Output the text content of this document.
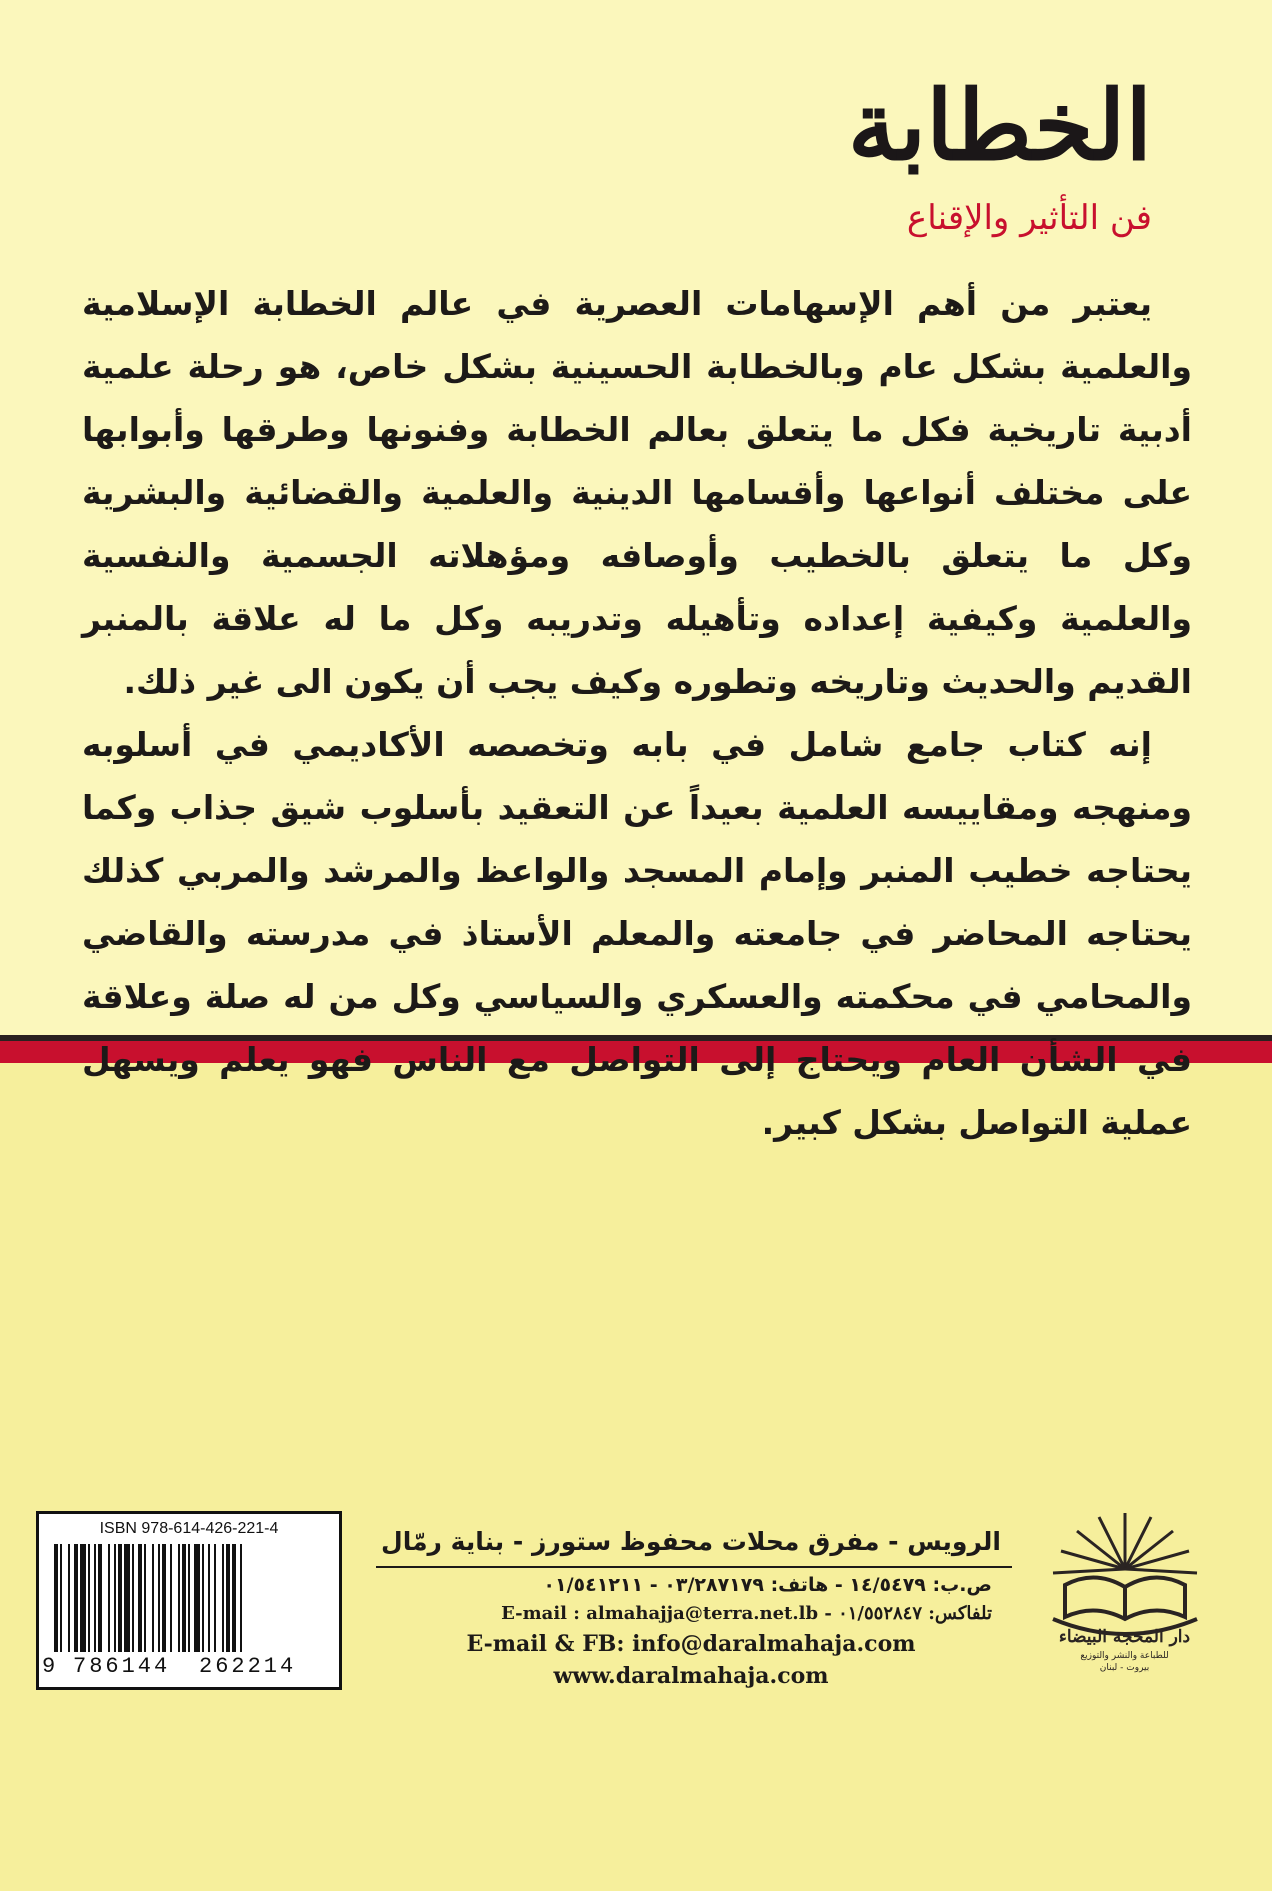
الخطابة
فن التأثير والإقناع

يعتبر من أهم الإسهامات العصرية في عالم الخطابة الإسلامية والعلمية بشكل عام وبالخطابة الحسينية بشكل خاص، هو رحلة علمية أدبية تاريخية فكل ما يتعلق بعالم الخطابة وفنونها وطرقها وأبوابها على مختلف أنواعها وأقسامها الدينية والعلمية والقضائية والبشرية وكل ما يتعلق بالخطيب وأوصافه ومؤهلاته الجسمية والنفسية والعلمية وكيفية إعداده وتأهيله وتدريبه وكل ما له علاقة بالمنبر القديم والحديث وتاريخه وتطوره وكيف يجب أن يكون الى غير ذلك.

إنه كتاب جامع شامل في بابه وتخصصه الأكاديمي في أسلوبه ومنهجه ومقاييسه العلمية بعيداً عن التعقيد بأسلوب شيق جذاب وكما يحتاجه خطيب المنبر وإمام المسجد والواعظ والمرشد والمربي كذلك يحتاجه المحاضر في جامعته والمعلم الأستاذ في مدرسته والقاضي والمحامي في محكمته والعسكري والسياسي وكل من له صلة وعلاقة في الشأن العام ويحتاج إلى التواصل مع الناس فهو يعلم ويسهل عملية التواصل بشكل كبير.

دار المحجة البيضاء
للطباعة والنشر والتوزيع
بيروت - لبنان
الرويس - مفرق محلات محفوظ ستورز - بناية رمّال
ص.ب: ١٤/٥٤٧٩ - هاتف: ٠٣/٢٨٧١٧٩ - ٠١/٥٤١٢١١
تلفاكس: ٠١/٥٥٢٨٤٧ - E-mail : almahajja@terra.net.lb
E-mail & FB: info@daralmahaja.com
www.daralmahaja.com
ISBN 978-614-426-221-4
9 786144 262214
